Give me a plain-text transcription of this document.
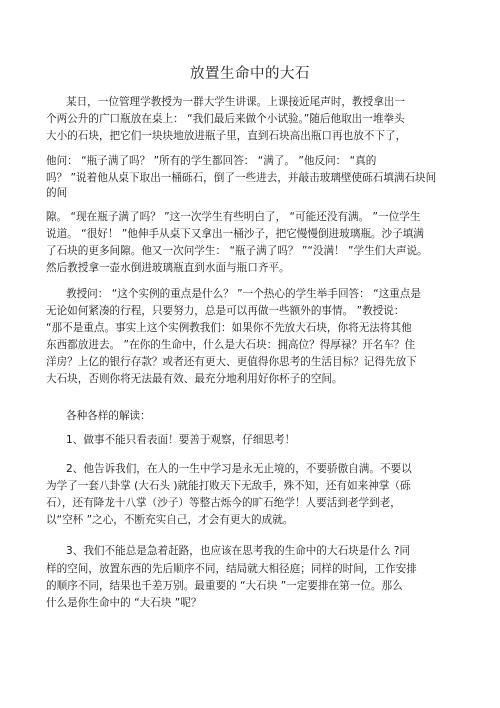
放置生命中的大石
某日，一位管理学教授为一群大学生讲课。上课接近尾声时，教授拿出一
个两公升的广口瓶放在桌上： “我们最后来做个小试验。”随后他取出一堆拳头
大小的石块，把它们一块块地放进瓶子里，直到石块高出瓶口再也放不下了，
他问： “瓶子满了吗？ ”所有的学生都回答： “满了。 ”他反问： “真的
吗？ ”说着他从桌下取出一桶砾石，倒了一些进去，并敲击玻璃壁使砾石填满石块间
的间
隙。 “现在瓶子满了吗？ ”这一次学生有些明白了， “可能还没有满。 ”一位学生
说道。 “很好！ ”他伸手从桌下又拿出一桶沙子，把它慢慢倒进玻璃瓶。沙子填满
了石块的更多间隙。他又一次问学生： “瓶子满了吗？ ”“没满！ ”学生们大声说。
然后教授拿一壶水倒进玻璃瓶直到水面与瓶口齐平。
教授问： “这个实例的重点是什么？ ”一个热心的学生举手回答： “这重点是
无论如何紧凑的行程，只要努力，总是可以再做一些额外的事情。 ”教授说：
“那不是重点。事实上这个实例教我们：如果你不先放大石块，你将无法将其他
东西都放进去。 ”在你的生命中，什么是大石块：拥高位？得厚禄？开名车？住
洋房？上亿的银行存款？或者还有更大、更值得你思考的生活目标？记得先放下
大石块，否则你将无法最有效、最充分地利用好你杯子的空间。
各种各样的解读：
1、做事不能只看表面！要善于观察，仔细思考！
2、他告诉我们，在人的一生中学习是永无止境的，不要骄傲自满。不要以
为学了一套八卦掌 (大石头 )就能打败天下无敌手，殊不知，还有如来神掌（砾
石），还有降龙十八掌（沙子）等整古烁今的旷石绝学！人要活到老学到老，
以“空杯 ”之心，不断充实自己，才会有更大的成就。
3、我们不能总是急着赶路，也应该在思考我的生命中的大石块是什么 ?同
样的空间，放置东西的先后顺序不同，结局就大相径庭；同样的时间，工作安排
的顺序不同，结果也千差万别。最重要的 “大石块 ”一定要排在第一位。那么
什么是你生命中的 “大石块 ”呢？
